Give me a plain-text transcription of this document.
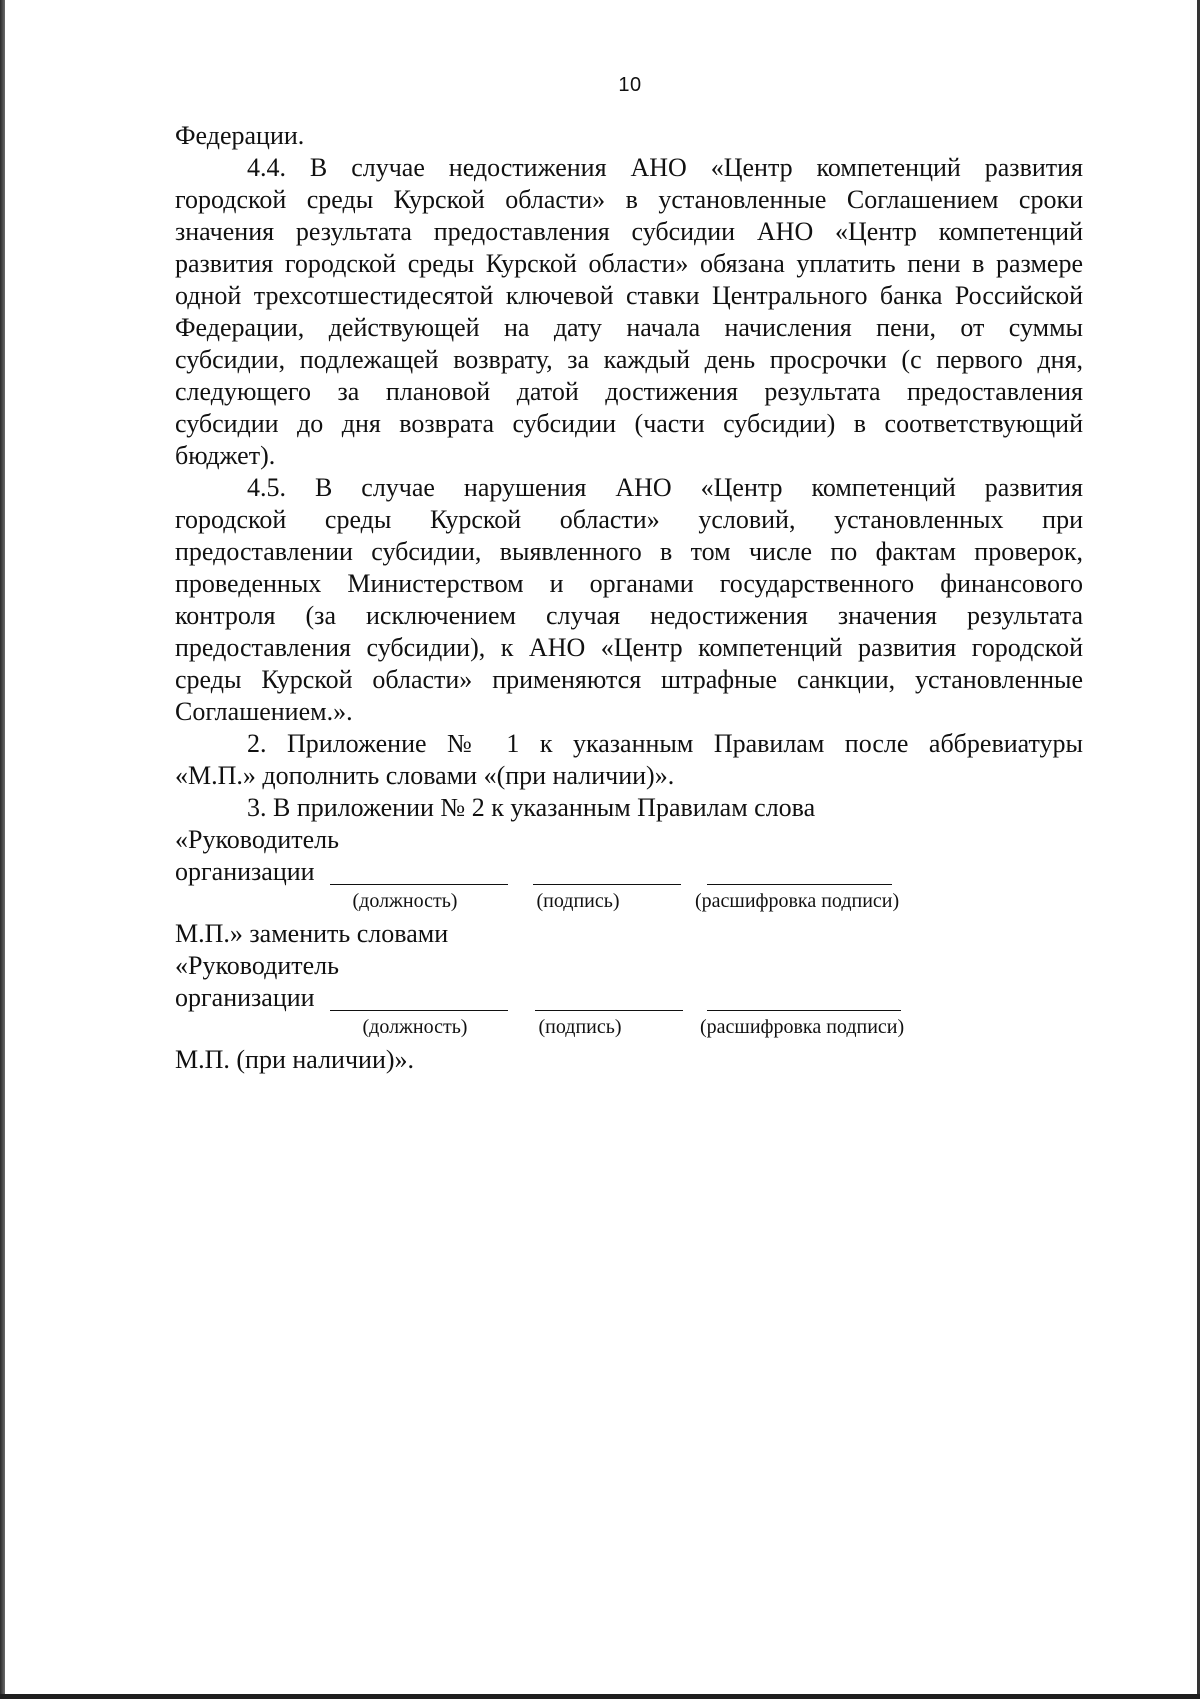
10
Федерации.
4.4. В случае недостижения АНО «Центр компетенций развития
городской среды Курской области» в установленные Соглашением сроки
значения результата предоставления субсидии АНО «Центр компетенций
развития городской среды Курской области» обязана уплатить пени в размере
одной трехсотшестидесятой ключевой ставки Центрального банка Российской
Федерации, действующей на дату начала начисления пени, от суммы
субсидии, подлежащей возврату, за каждый день просрочки (с первого дня,
следующего за плановой датой достижения результата предоставления
субсидии до дня возврата субсидии (части субсидии) в соответствующий
бюджет).
4.5. В случае нарушения АНО «Центр компетенций развития
городской среды Курской области» условий, установленных при
предоставлении субсидии, выявленного в том числе по фактам проверок,
проведенных Министерством и органами государственного финансового
контроля (за исключением случая недостижения значения результата
предоставления субсидии), к АНО «Центр компетенций развития городской
среды Курской области» применяются штрафные санкции, установленные
Соглашением.».
2. Приложение № 1 к указанным Правилам после аббревиатуры
«М.П.» дополнить словами «(при наличии)».
3. В приложении № 2 к указанным Правилам слова
«Руководитель
организации
(должность)	(подпись)	(расшифровка подписи)
М.П.» заменить словами
«Руководитель
организации
(должность)	(подпись)	(расшифровка подписи)
М.П. (при наличии)».
